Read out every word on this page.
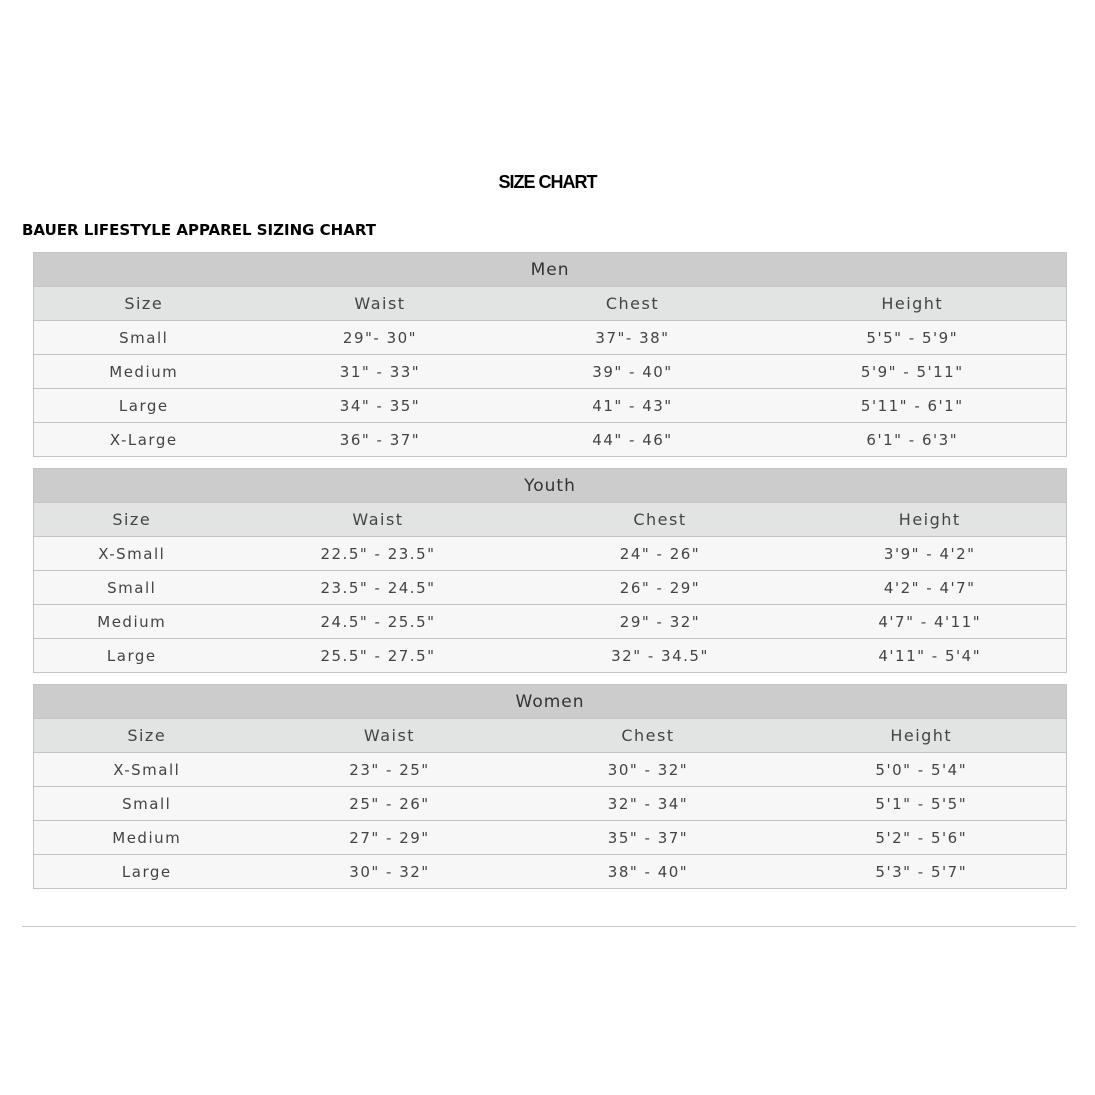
SIZE CHART
BAUER LIFESTYLE APPAREL SIZING CHART
Men			
Size	Waist	Chest	Height
Small	29"- 30"	37"- 38"	5'5" - 5'9"
Medium	31" - 33"	39" - 40"	5'9" - 5'11"
Large	34" - 35"	41" - 43"	5'11" - 6'1"
X-Large	36" - 37"	44" - 46"	6'1" - 6'3"
Youth			
Size	Waist	Chest	Height
X-Small	22.5" - 23.5"	24" - 26"	3'9" - 4'2"
Small	23.5" - 24.5"	26" - 29"	4'2" - 4'7"
Medium	24.5" - 25.5"	29" - 32"	4'7" - 4'11"
Large	25.5" - 27.5"	32" - 34.5"	4'11" - 5'4"
Women			
Size	Waist	Chest	Height
X-Small	23" - 25"	30" - 32"	5'0" - 5'4"
Small	25" - 26"	32" - 34"	5'1" - 5'5"
Medium	27" - 29"	35" - 37"	5'2" - 5'6"
Large	30" - 32"	38" - 40"	5'3" - 5'7"
